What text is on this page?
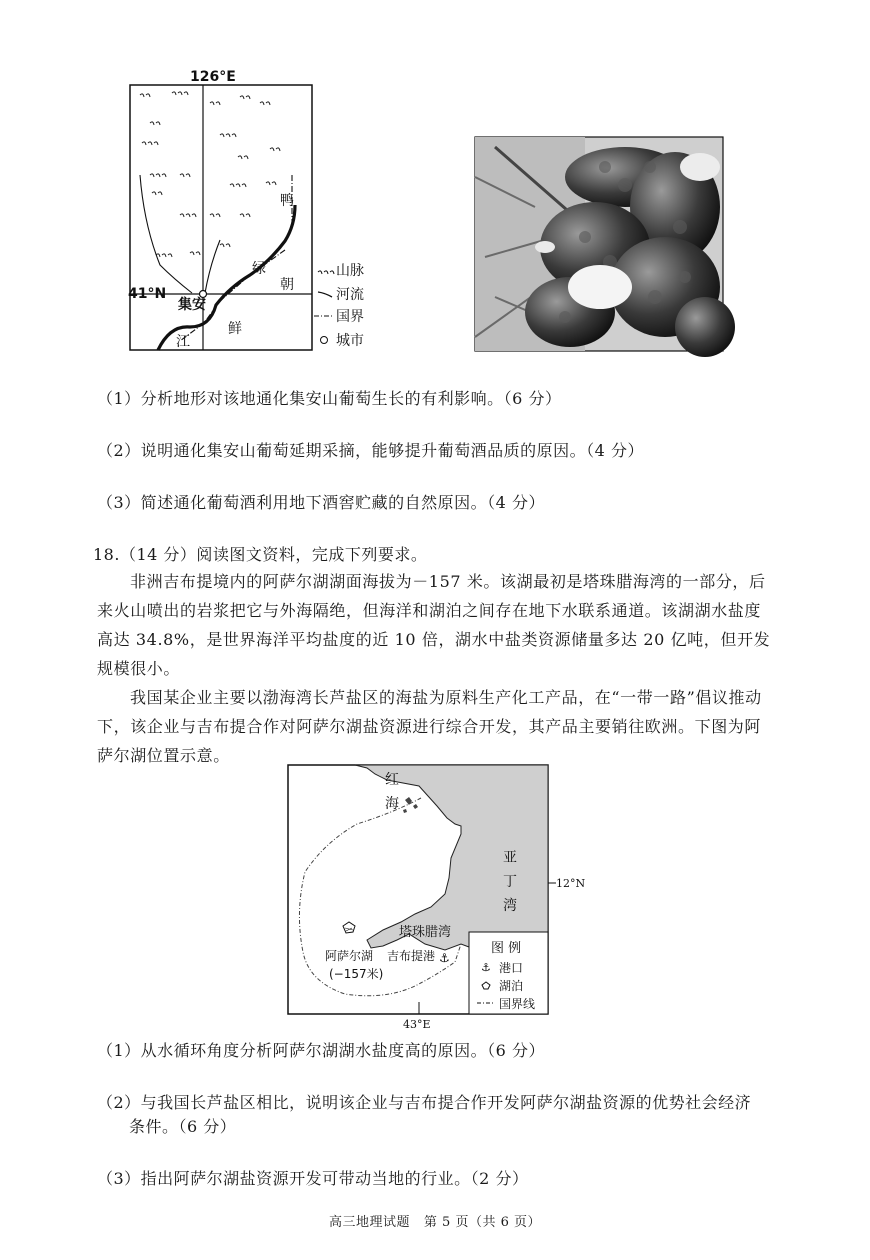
126°E
集安
41°N
鸭
绿
江
朝
鲜
山脉
河流
国界
城市
（1）分析地形对该地通化集安山葡萄生长的有利影响。（6 分）
（2）说明通化集安山葡萄延期采摘，能够提升葡萄酒品质的原因。（4 分）
（3）简述通化葡萄酒利用地下酒窖贮藏的自然原因。（4 分）
18.（14 分）阅读图文资料，完成下列要求。
非洲吉布提境内的阿萨尔湖湖面海拔为－157 米。该湖最初是塔珠腊海湾的一部分，后
来火山喷出的岩浆把它与外海隔绝，但海洋和湖泊之间存在地下水联系通道。该湖湖水盐度
高达 34.8%，是世界海洋平均盐度的近 10 倍，湖水中盐类资源储量多达 20 亿吨，但开发
规模很小。
我国某企业主要以渤海湾长芦盐区的海盐为原料生产化工产品，在“一带一路”倡议推动
下，该企业与吉布提合作对阿萨尔湖盐资源进行综合开发，其产品主要销往欧洲。下图为阿
萨尔湖位置示意。
⚓
红
海
亚
丁
湾
12°N
塔珠腊湾
阿萨尔湖
(−157米)
吉布提港
43°E
图 例
⚓ 港口
湖泊
国界线
（1）从水循环角度分析阿萨尔湖湖水盐度高的原因。（6 分）
（2）与我国长芦盐区相比，说明该企业与吉布提合作开发阿萨尔湖盐资源的优势社会经济
条件。（6 分）
（3）指出阿萨尔湖盐资源开发可带动当地的行业。（2 分）
高三地理试题   第 5 页（共 6 页）
